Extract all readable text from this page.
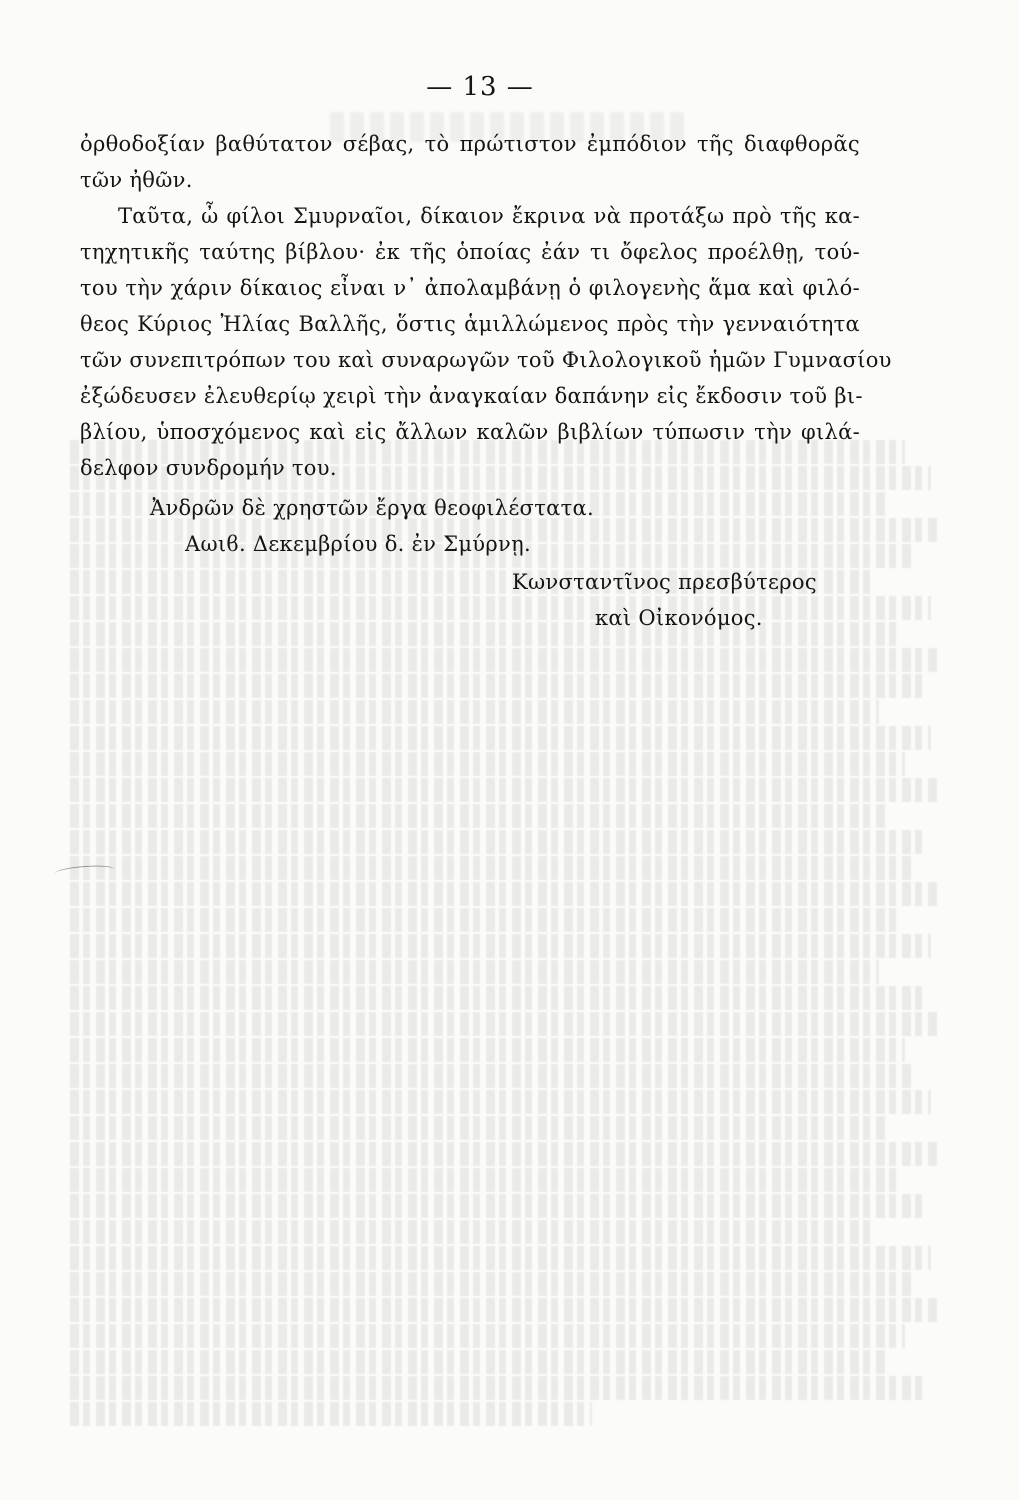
— 13 —
ὀρθοδοξίαν βαθύτατον σέβας, τὸ πρώτιστον ἐμπόδιον τῆς διαφθορᾶς
τῶν ἠθῶν.
Ταῦτα, ὦ φίλοι Σμυρναῖοι, δίκαιον ἔκρινα νὰ προτάξω πρὸ τῆς κα-
τηχητικῆς ταύτης βίβλου· ἐκ τῆς ὁποίας ἐάν τι ὄφελος προέλθῃ, τού-
του τὴν χάριν δίκαιος εἶναι ν᾽ ἀπολαμβάνῃ ὁ φιλογενὴς ἅμα καὶ φιλό-
θεος Κύριος Ἠλίας Βαλλῆς, ὅστις ἁμιλλώμενος πρὸς τὴν γενναιότητα
τῶν συνεπιτρόπων του καὶ συναρωγῶν τοῦ Φιλολογικοῦ ἡμῶν Γυμνασίου
ἐξώδευσεν ἐλευθερίῳ χειρὶ τὴν ἀναγκαίαν δαπάνην εἰς ἔκδοσιν τοῦ βι-
βλίου, ὑποσχόμενος καὶ εἰς ἄλλων καλῶν βιβλίων τύπωσιν τὴν φιλά-
δελφον συνδρομήν του.
Ἀνδρῶν δὲ χρηστῶν ἔργα θεοφιλέστατα.
Αωιϐ. Δεκεμβρίου δ. ἐν Σμύρνῃ.
Κωνσταντῖνος πρεσβύτερος
καὶ Οἰκονόμος.
